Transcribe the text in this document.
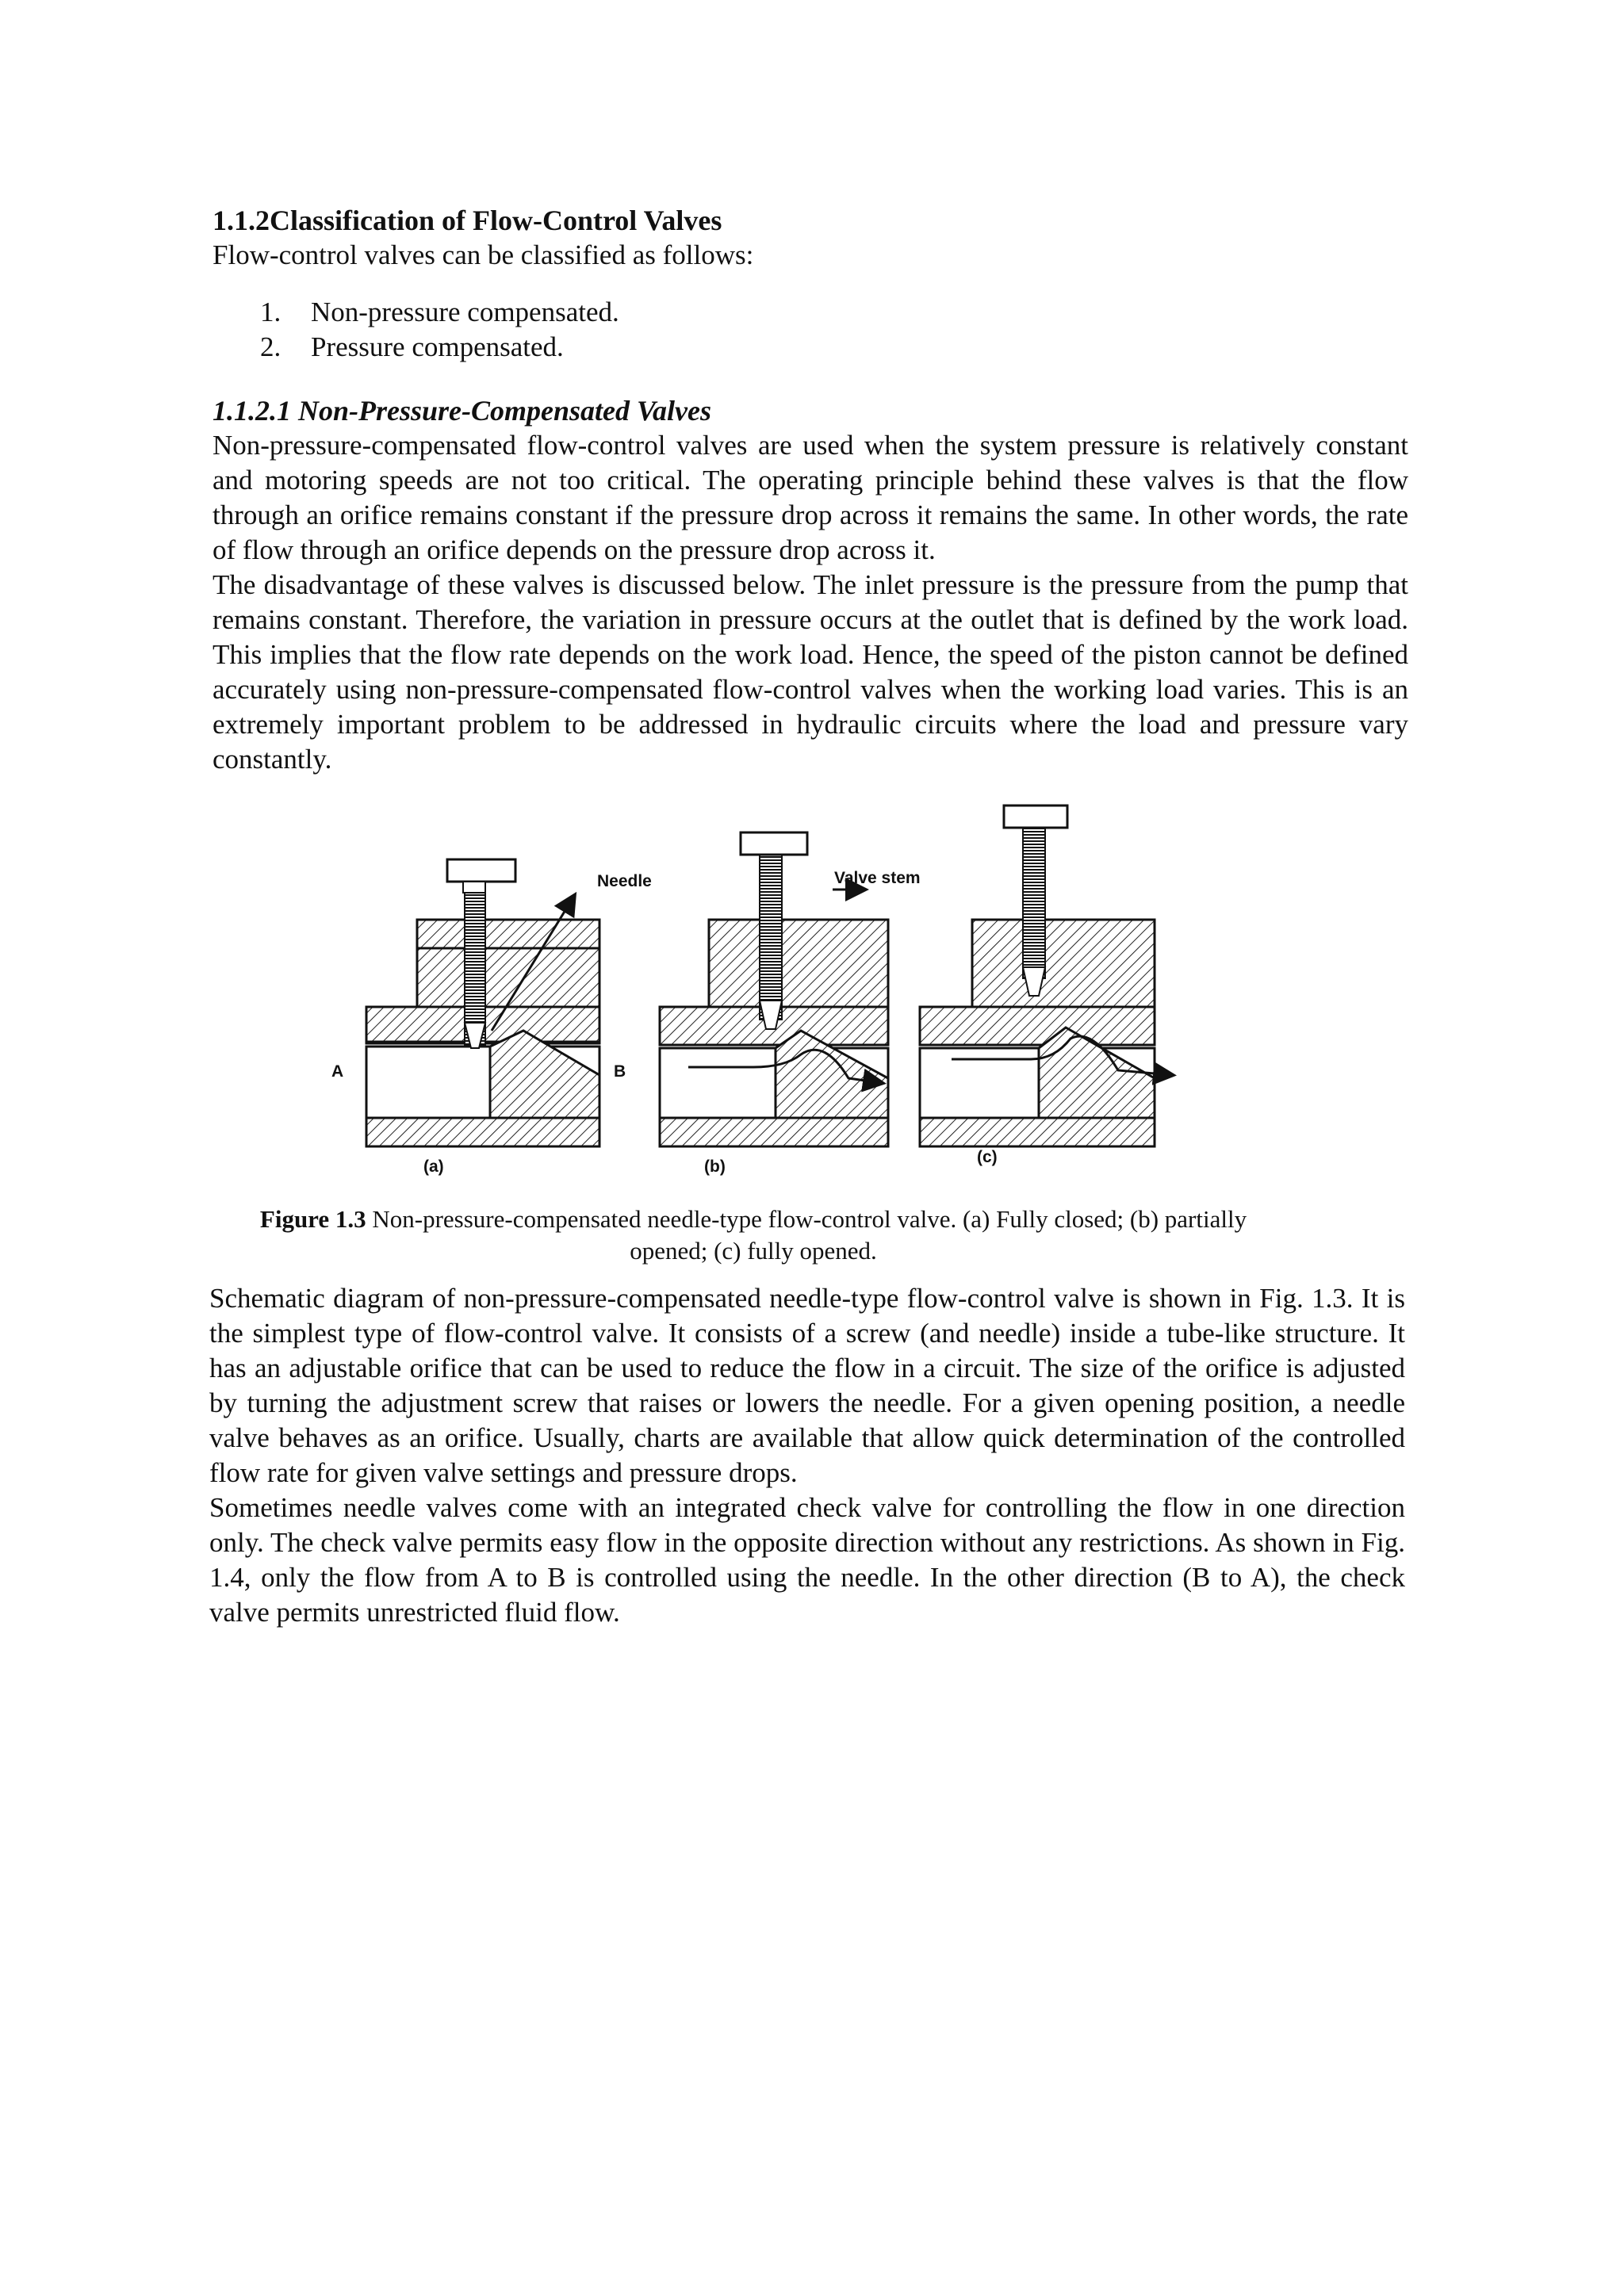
1.1.2Classification of Flow-Control Valves

Flow-control valves can be classified as follows:

1. Non-pressure compensated.
2. Pressure compensated.

1.1.2.1 Non-Pressure-Compensated Valves

Non-pressure-compensated flow-control valves are used when the system pressure is relatively constant and motoring speeds are not too critical. The operating principle behind these valves is that the flow through an orifice remains constant if the pressure drop across it remains the same. In other words, the rate of flow through an orifice depends on the pressure drop across it.

The disadvantage of these valves is discussed below. The inlet pressure is the pressure from the pump that remains constant. Therefore, the variation in pressure occurs at the outlet that is defined by the work load. This implies that the flow rate depends on the work load. Hence, the speed of the piston cannot be defined accurately using non-pressure-compensated flow-control valves when the working load varies. This is an extremely important problem to be addressed in hydraulic circuits where the load and pressure vary constantly.

Needle
A	B
(a)
Valve stem
(b)
(c)
Figure 1.3 Non-pressure-compensated needle-type flow-control valve. (a) Fully closed; (b) partially opened; (c) fully opened.

Schematic diagram of non-pressure-compensated needle-type flow-control valve is shown in Fig. 1.3. It is the simplest type of flow-control valve. It consists of a screw (and needle) inside a tube-like structure. It has an adjustable orifice that can be used to reduce the flow in a circuit. The size of the orifice is adjusted by turning the adjustment screw that raises or lowers the needle. For a given opening position, a needle valve behaves as an orifice. Usually, charts are available that allow quick determination of the controlled flow rate for given valve settings and pressure drops.

Sometimes needle valves come with an integrated check valve for controlling the flow in one direction only. The check valve permits easy flow in the opposite direction without any restrictions. As shown in Fig. 1.4, only the flow from A to B is controlled using the needle. In the other direction (B to A), the check valve permits unrestricted fluid flow.
